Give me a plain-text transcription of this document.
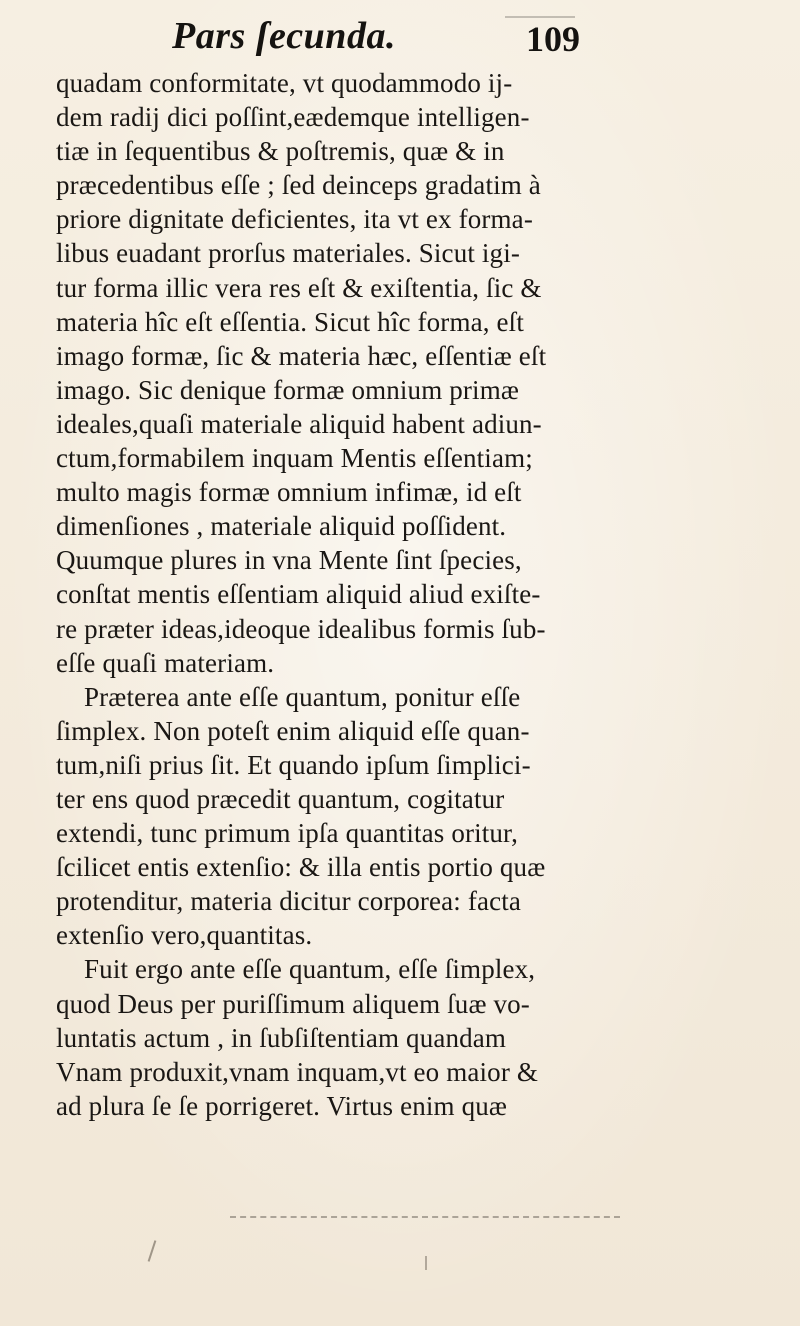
Pars ſecunda.	109
quadam conformitate, vt quodammodo ij-
dem radij dici poſſint,eædemque intelligen-
tiæ in ſequentibus & poſtremis, quæ & in
præcedentibus eſſe ; ſed deinceps gradatim à
priore dignitate deficientes, ita vt ex forma-
libus euadant prorſus materiales. Sicut igi-
tur forma illic vera res eſt & exiſtentia, ſic &
materia hîc eſt eſſentia. Sicut hîc forma, eſt
imago formæ, ſic & materia hæc, eſſentiæ eſt
imago. Sic denique formæ omnium primæ
ideales,quaſi materiale aliquid habent adiun-
ctum,formabilem inquam Mentis eſſentiam;
multo magis formæ omnium infimæ, id eſt
dimenſiones , materiale aliquid poſſident.
Quumque plures in vna Mente ſint ſpecies,
conſtat mentis eſſentiam aliquid aliud exiſte-
re præter ideas,ideoque idealibus formis ſub-
eſſe quaſi materiam.
Præterea ante eſſe quantum, ponitur eſſe
ſimplex. Non poteſt enim aliquid eſſe quan-
tum,niſi prius ſit. Et quando ipſum ſimplici-
ter ens quod præcedit quantum, cogitatur
extendi, tunc primum ipſa quantitas oritur,
ſcilicet entis extenſio: & illa entis portio quæ
protenditur, materia dicitur corporea: facta
extenſio vero,quantitas.
Fuit ergo ante eſſe quantum, eſſe ſimplex,
quod Deus per puriſſimum aliquem ſuæ vo-
luntatis actum , in ſubſiſtentiam quandam
Vnam produxit,vnam inquam,vt eo maior &
ad plura ſe ſe porrigeret. Virtus enim quæ
